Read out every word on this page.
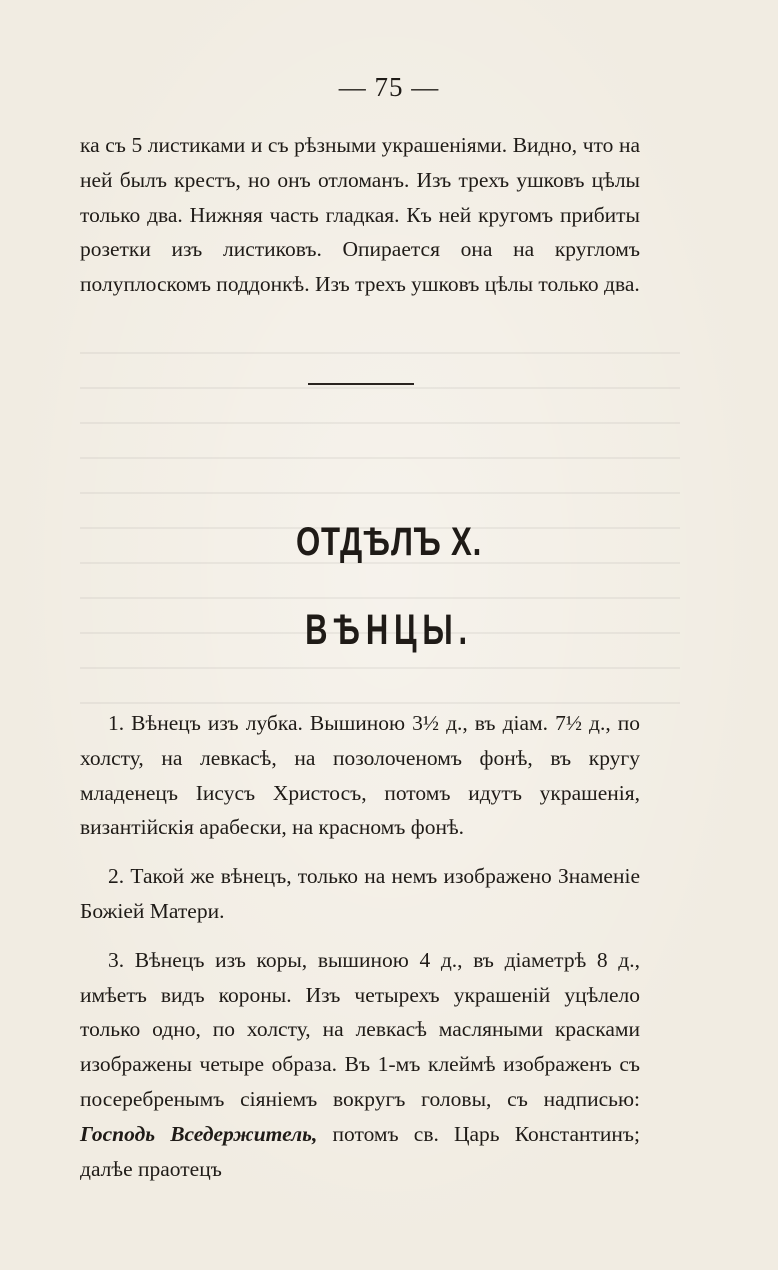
— 75 —

ка съ 5 листиками и съ рѣзными украшеніями. Видно, что на ней былъ крестъ, но онъ отломанъ. Изъ трехъ ушковъ цѣлы только два. Нижняя часть гладкая. Къ ней кругомъ прибиты розетки изъ листиковъ. Опирается она на кругломъ полуплоскомъ поддонкѣ. Изъ трехъ ушковъ цѣлы только два.

ОТДѢЛЪ Х.
ВѢНЦЫ.

1. Вѣнецъ изъ лубка. Вышиною 3½ д., въ діам. 7½ д., по холсту, на левкасѣ, на позолоченомъ фонѣ, въ кругу младенецъ Іисусъ Христосъ, потомъ идутъ украшенія, византійскія арабески, на красномъ фонѣ.

2. Такой же вѣнецъ, только на немъ изображено Знаменіе Божіей Матери.

3. Вѣнецъ изъ коры, вышиною 4 д., въ діаметрѣ 8 д., имѣетъ видъ короны. Изъ четырехъ украшеній уцѣлело только одно, по холсту, на левкасѣ масляными красками изображены четыре образа. Въ 1-мъ клеймѣ изображенъ съ посеребренымъ сіяніемъ вокругъ головы, съ надписью: Господь Вседержитель, потомъ св. Царь Константинъ; далѣе праотецъ
